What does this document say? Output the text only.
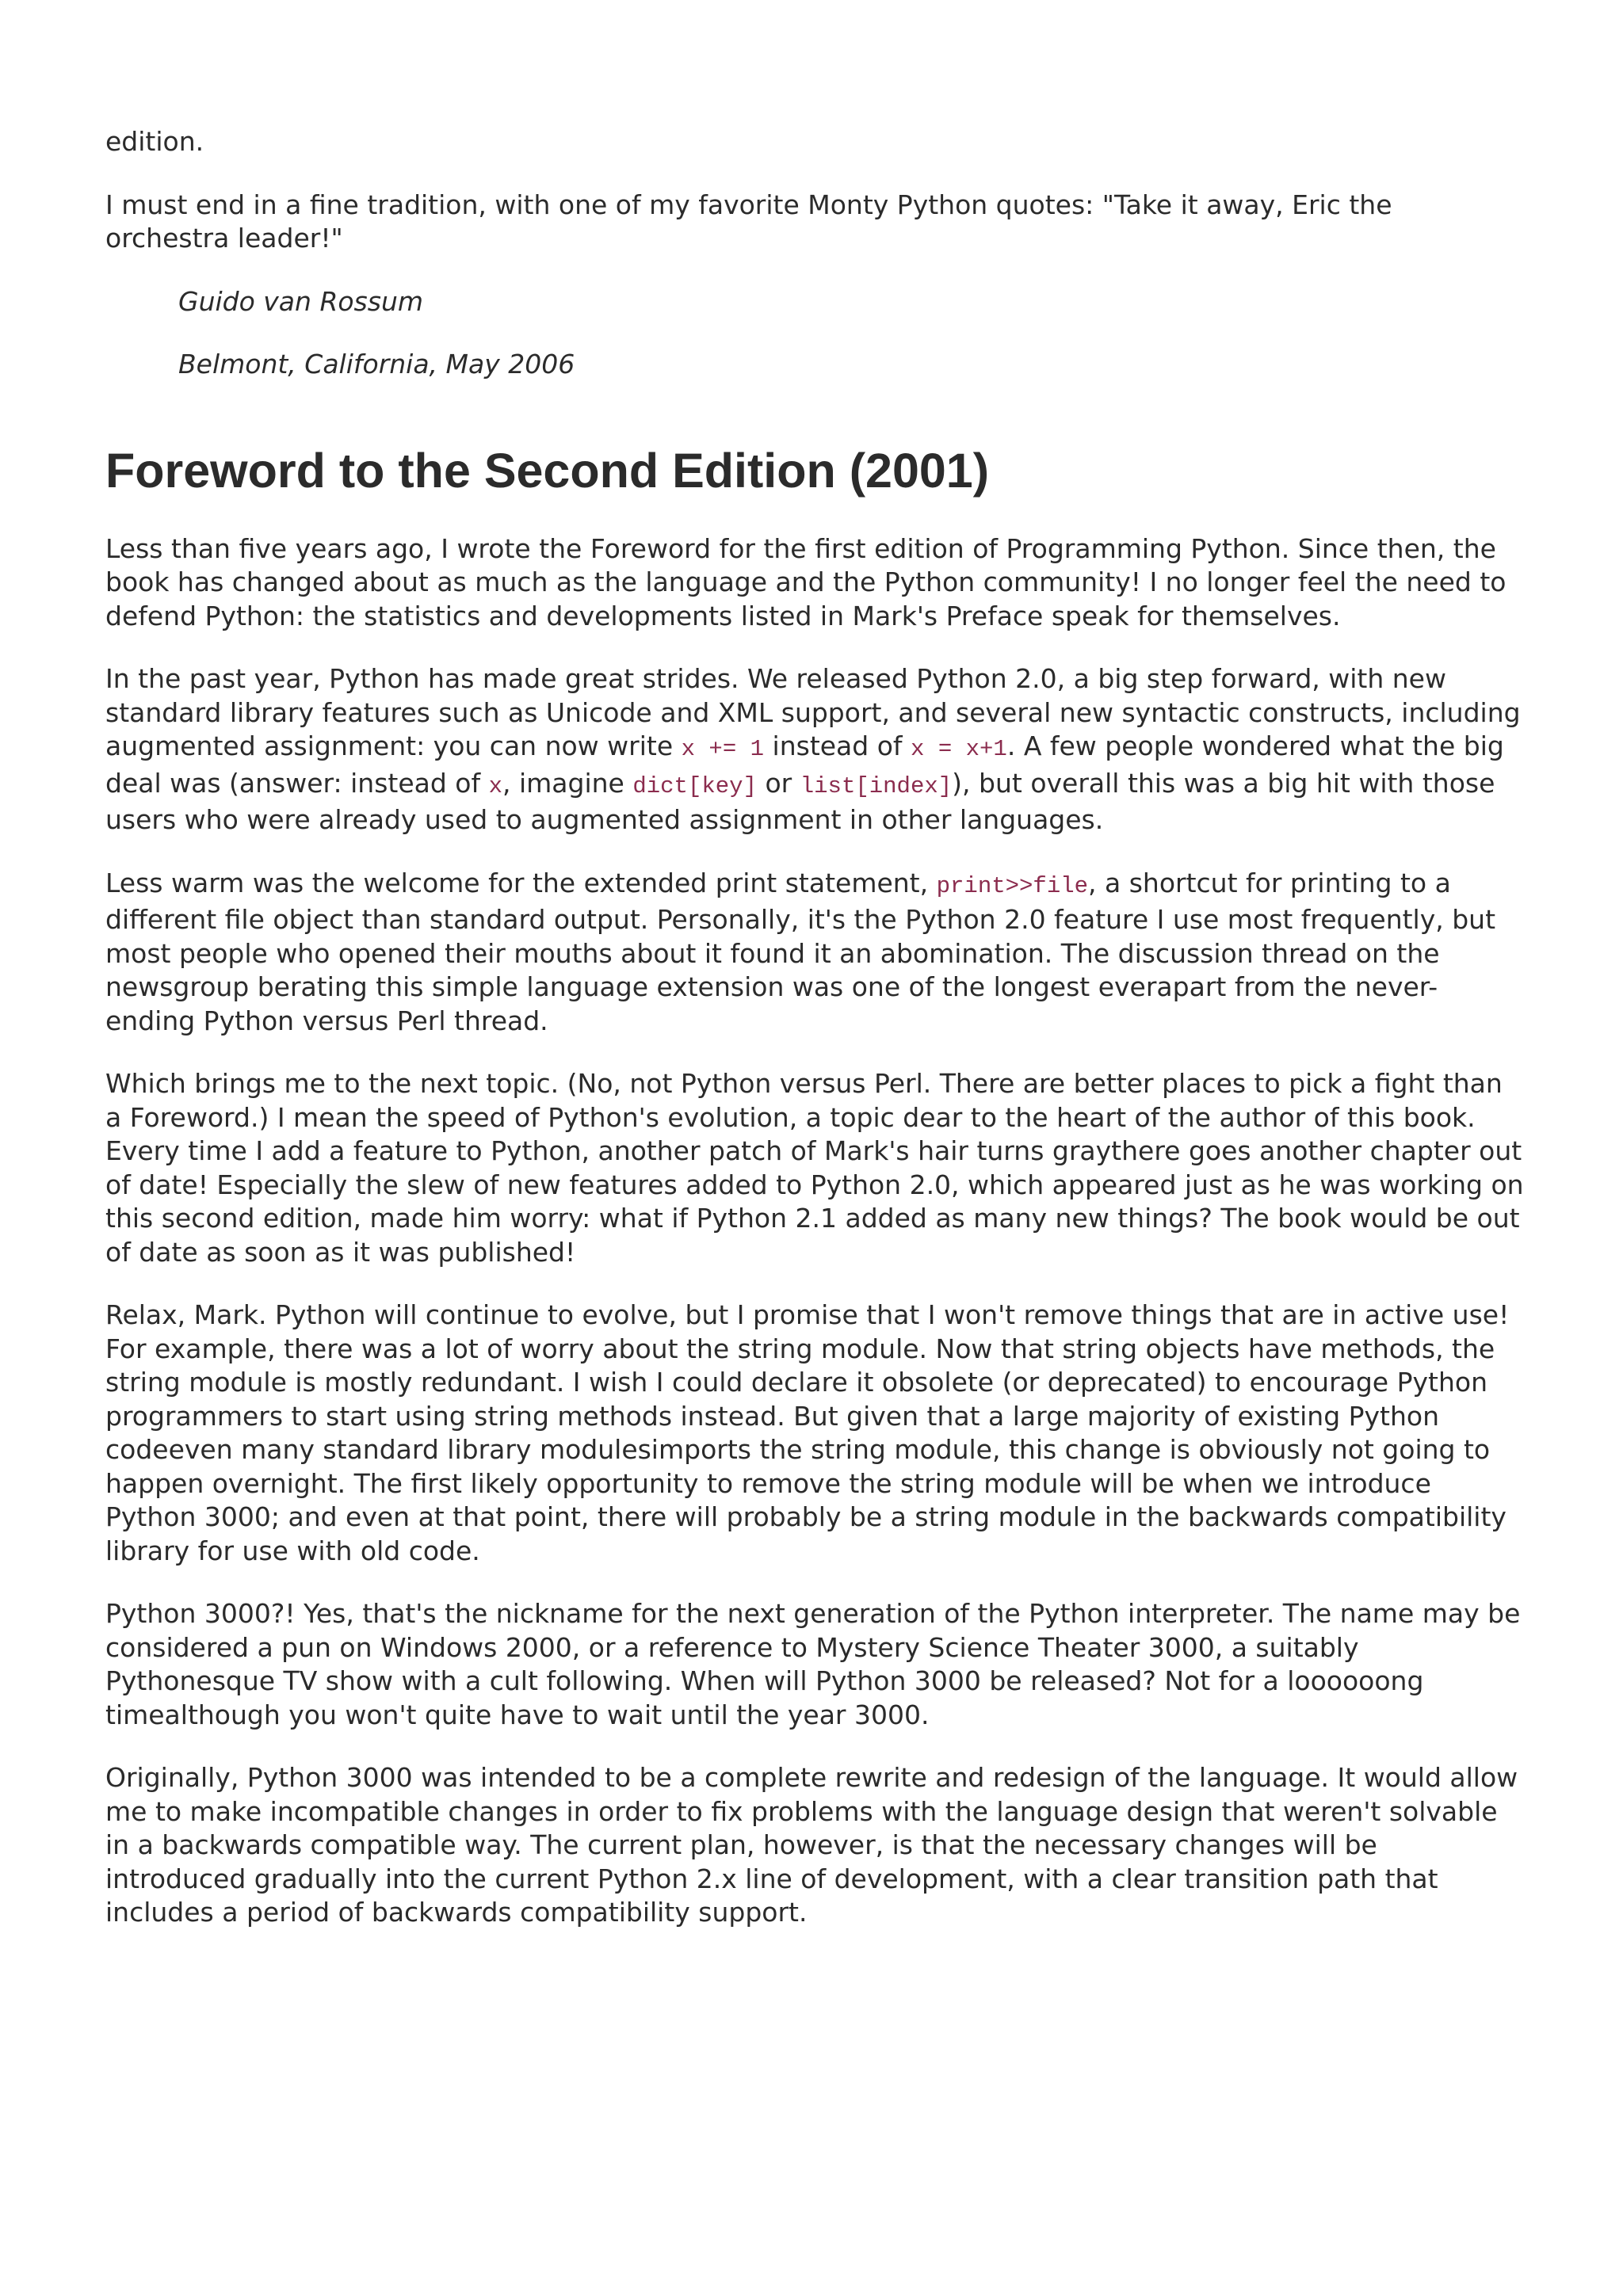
edition.

I must end in a fine tradition, with one of my favorite Monty Python quotes: "Take it away, Eric the orchestra leader!"

Guido van Rossum

Belmont, California, May 2006

Foreword to the Second Edition (2001)

Less than five years ago, I wrote the Foreword for the first edition of Programming Python. Since then, the book has changed about as much as the language and the Python community! I no longer feel the need to defend Python: the statistics and developments listed in Mark's Preface speak for themselves.

In the past year, Python has made great strides. We released Python 2.0, a big step forward, with new standard library features such as Unicode and XML support, and several new syntactic constructs, including augmented assignment: you can now write x += 1 instead of x = x+1. A few people wondered what the big deal was (answer: instead of x, imagine dict[key] or list[index]), but overall this was a big hit with those users who were already used to augmented assignment in other languages.

Less warm was the welcome for the extended print statement, print>>file, a shortcut for printing to a different file object than standard output. Personally, it's the Python 2.0 feature I use most frequently, but most people who opened their mouths about it found it an abomination. The discussion thread on the newsgroup berating this simple language extension was one of the longest everapart from the never-ending Python versus Perl thread.

Which brings me to the next topic. (No, not Python versus Perl. There are better places to pick a fight than a Foreword.) I mean the speed of Python's evolution, a topic dear to the heart of the author of this book. Every time I add a feature to Python, another patch of Mark's hair turns graythere goes another chapter out of date! Especially the slew of new features added to Python 2.0, which appeared just as he was working on this second edition, made him worry: what if Python 2.1 added as many new things? The book would be out of date as soon as it was published!

Relax, Mark. Python will continue to evolve, but I promise that I won't remove things that are in active use! For example, there was a lot of worry about the string module. Now that string objects have methods, the string module is mostly redundant. I wish I could declare it obsolete (or deprecated) to encourage Python programmers to start using string methods instead. But given that a large majority of existing Python codeeven many standard library modulesimports the string module, this change is obviously not going to happen overnight. The first likely opportunity to remove the string module will be when we introduce Python 3000; and even at that point, there will probably be a string module in the backwards compatibility library for use with old code.

Python 3000?! Yes, that's the nickname for the next generation of the Python interpreter. The name may be considered a pun on Windows 2000, or a reference to Mystery Science Theater 3000, a suitably Pythonesque TV show with a cult following. When will Python 3000 be released? Not for a loooooong timealthough you won't quite have to wait until the year 3000.

Originally, Python 3000 was intended to be a complete rewrite and redesign of the language. It would allow me to make incompatible changes in order to fix problems with the language design that weren't solvable in a backwards compatible way. The current plan, however, is that the necessary changes will be introduced gradually into the current Python 2.x line of development, with a clear transition path that includes a period of backwards compatibility support.
